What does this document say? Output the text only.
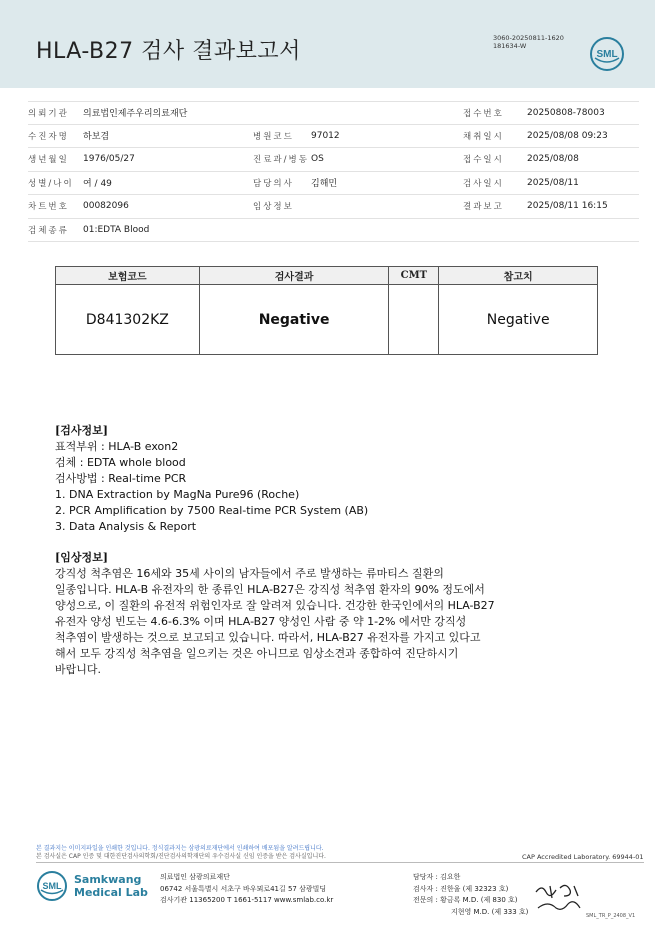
HLA-B27 검사 결과보고서
3060-20250811-1620
181634-W
SML
의뢰기관	의료법인제주우리의료재단	접수번호	20250808-78003
수진자명	하보겸	병원코드	97012	채취일시	2025/08/08 09:23
생년월일	1976/05/27	진료과/병동 OS	접수일시	2025/08/08
성별/나이	여 / 49	담당의사	김해민	검사일시	2025/08/11
차트번호	00082096	임상정보	결과보고	2025/08/11 16:15
검체종류	01:EDTA Blood
보험코드	검사결과	CMT	참고치
D841302KZ	Negative		Negative

[검사정보]

표적부위 : HLA-B exon2

검체 : EDTA whole blood

검사방법 : Real-time PCR

1. DNA Extraction by MagNa Pure96 (Roche)

2. PCR Amplification by 7500 Real-time PCR System (AB)

3. Data Analysis & Report

[임상정보]

강직성 척추염은 16세와 35세 사이의 남자들에서 주로 발생하는 류마티스 질환의

일종입니다. HLA-B 유전자의 한 종류인 HLA-B27은 강직성 척추염 환자의 90% 정도에서

양성으로, 이 질환의 유전적 위험인자로 잘 알려져 있습니다. 건강한 한국인에서의 HLA-B27

유전자 양성 빈도는 4.6-6.3% 이며 HLA-B27 양성인 사람 중 약 1-2% 에서만 강직성

척추염이 발생하는 것으로 보고되고 있습니다. 따라서, HLA-B27 유전자를 가지고 있다고

해서 모두 강직성 척추염을 일으키는 것은 아니므로 임상소견과 종합하여 진단하시기

바랍니다.

본 결과지는 이미지파일을 인쇄한 것입니다. 정식결과지는 삼광의료재단에서 인쇄하여 배포됨을 알려드립니다.
본 검사실은 CAP 인증 및 대한진단검사의학회/진단검사의학재단의 우수검사실 신임 인증을 받은 검사실입니다.	CAP Accredited Laboratory. 69944-01
SML Samkwang
Medical Lab
의료법인 삼광의료재단
06742 서울특별시 서초구 바우뫼로41길 57 삼광빌딩
검사기관 11365200 T 1661-5117 www.smlab.co.kr
담당자 : 김요한
검사자 : 진한울 (제 32323 호)
전문의 : 황금록 M.D. (제 830 호)
지현영 M.D. (제 333 호)
SML_TR_P_2408_V1
